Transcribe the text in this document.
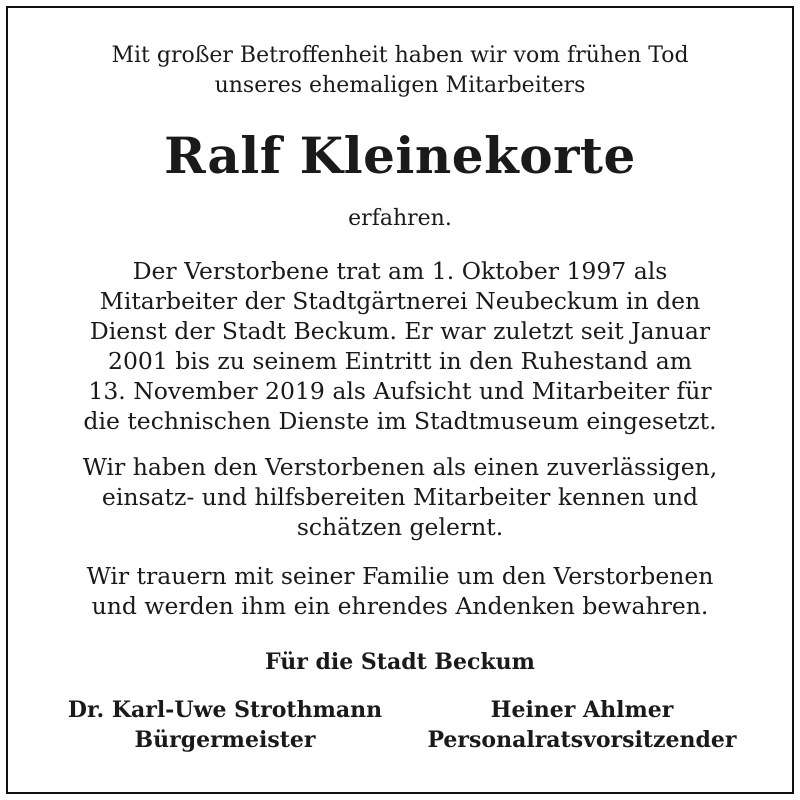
Mit großer Betroffenheit haben wir vom frühen Tod
unseres ehemaligen Mitarbeiters
Ralf Kleinekorte
erfahren.
Der Verstorbene trat am 1. Oktober 1997 als
Mitarbeiter der Stadtgärtnerei Neubeckum in den
Dienst der Stadt Beckum. Er war zuletzt seit Januar
2001 bis zu seinem Eintritt in den Ruhestand am
13. November 2019 als Aufsicht und Mitarbeiter für
die technischen Dienste im Stadtmuseum eingesetzt.
Wir haben den Verstorbenen als einen zuverlässigen,
einsatz- und hilfsbereiten Mitarbeiter kennen und
schätzen gelernt.
Wir trauern mit seiner Familie um den Verstorbenen
und werden ihm ein ehrendes Andenken bewahren.
Für die Stadt Beckum
Dr. Karl-Uwe Strothmann
Bürgermeister
Heiner Ahlmer
Personalratsvorsitzender
